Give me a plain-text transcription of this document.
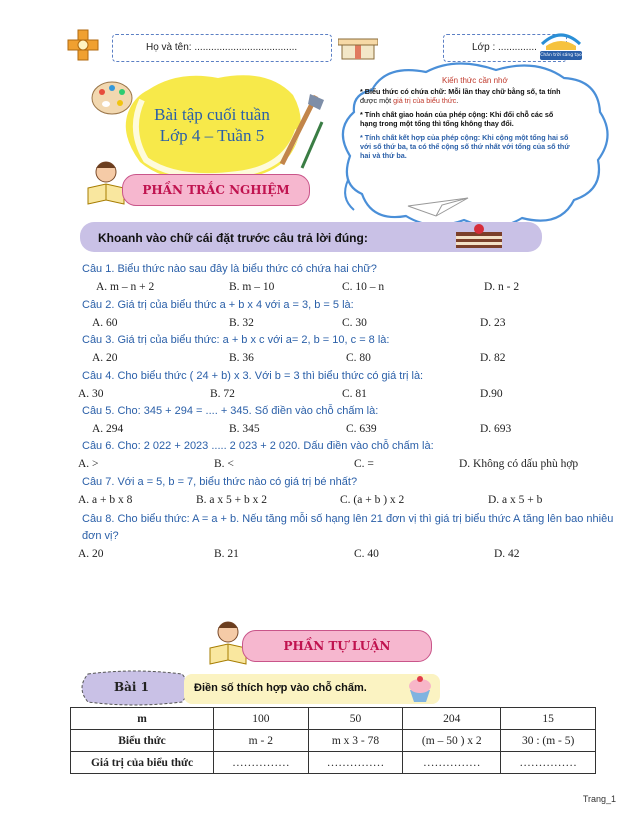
Họ và tên: .....................................	Lớp : ..............
Chân trời sáng tạo
Bài tập cuối tuần
Lớp 4 – Tuần 5
Kiến thức cần nhớ
* Biểu thức có chứa chữ: Mỗi lần thay chữ bằng số, ta tính
được một giá trị của biểu thức.
* Tính chất giao hoán của phép cộng: Khi đổi chỗ các số
hạng trong một tổng thì tổng không thay đổi.
* Tính chất kết hợp của phép cộng: Khi cộng một tổng hai số
với số thứ ba, ta có thể cộng số thứ nhất với tổng của số thứ
hai và thứ ba.
PHẦN TRẮC NGHIỆM
Khoanh vào chữ cái đặt trước câu trả lời đúng:
Câu 1. Biểu thức nào sau đây là biểu thức có chứa hai chữ?
A. m – n + 2	B. m – 10	C. 10 – n	D. n - 2
Câu 2. Giá trị của biểu thức a + b x 4 với a = 3, b = 5 là:
A. 60	B. 32	C. 30	D. 23
Câu 3. Giá trị của biểu thức: a + b x c với a= 2, b = 10, c = 8 là:
A. 20	B. 36	C. 80	D. 82
Câu 4. Cho biểu thức ( 24 + b) x 3. Với b = 3 thì biểu thức có giá trị là:
A. 30	B. 72	C. 81	D.90
Câu 5. Cho: 345 + 294 = .... + 345. Số điền vào chỗ chấm là:
A. 294	B. 345	C. 639	D. 693
Câu 6. Cho: 2 022 + 2023 ..... 2 023 + 2 020. Dấu điền vào chỗ chấm là:
A. >	B. <	C. =	D. Không có dấu phù hợp
Câu 7. Với a = 5, b = 7, biểu thức nào có giá trị bé nhất?
A. a + b x 8	B. a x 5 + b x 2	C. (a + b ) x 2	D. a x 5 + b
Câu 8. Cho biểu thức: A = a + b. Nếu tăng mỗi số hạng lên 21 đơn vị thì giá trị biểu thức A tăng lên bao nhiêu
đơn vị?
A. 20	B. 21	C. 40	D. 42
PHẦN TỰ LUẬN
Bài 1	Điền số thích hợp vào chỗ chấm.
m	100	50	204	15
Biểu thức	m - 2	m x 3 - 78	(m – 50 ) x 2	30 : (m - 5)
Giá trị của biểu thức	……………	……………	……………	……………
Trang_1
